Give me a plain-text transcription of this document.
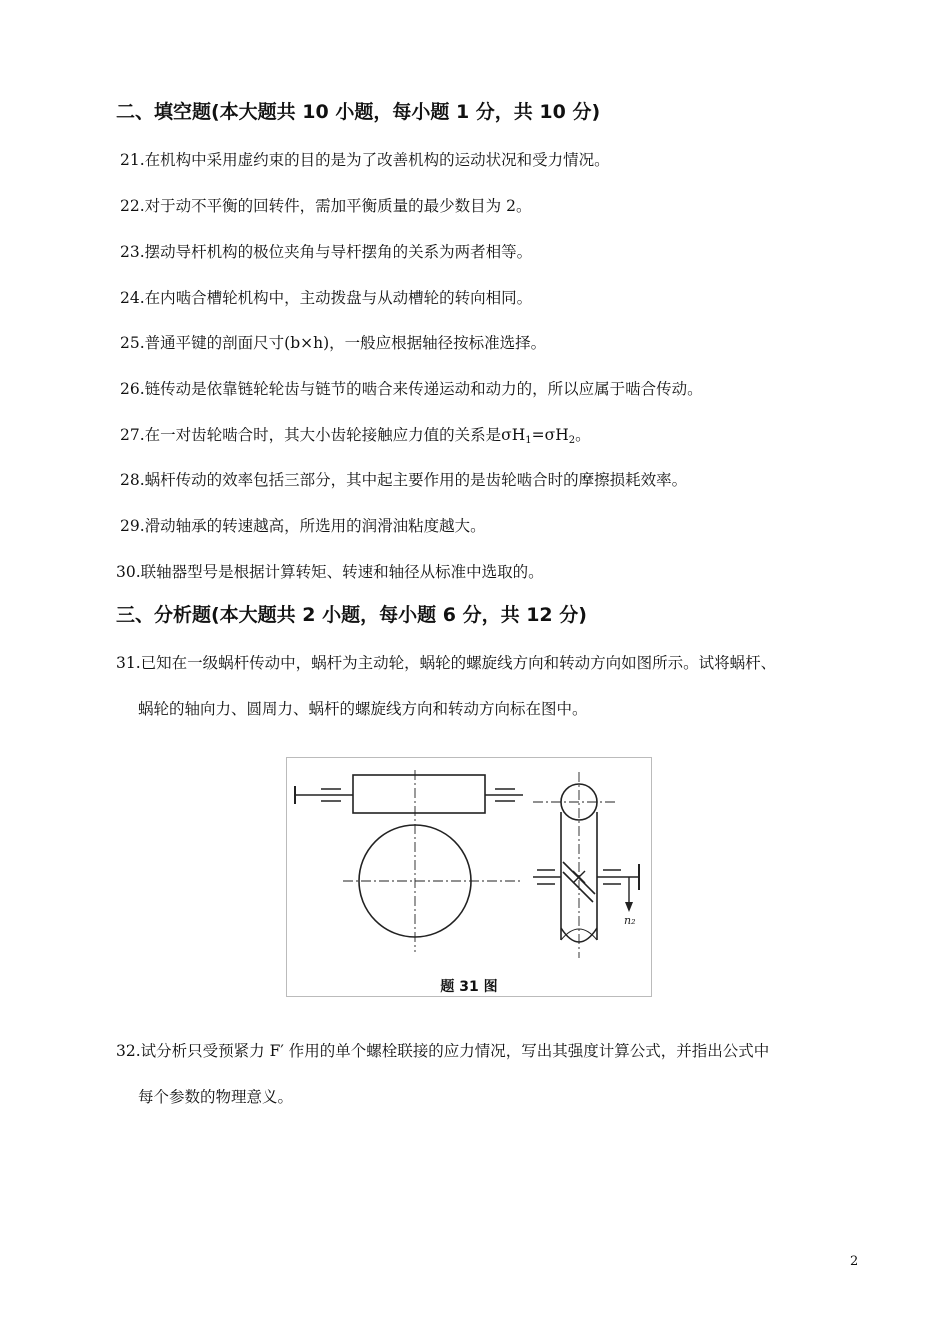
二、填空题(本大题共 10 小题，每小题 1 分，共 10 分)
21.在机构中采用虚约束的目的是为了改善机构的运动状况和受力情况。
22.对于动不平衡的回转件，需加平衡质量的最少数目为 2。
23.摆动导杆机构的极位夹角与导杆摆角的关系为两者相等。
24.在内啮合槽轮机构中，主动拨盘与从动槽轮的转向相同。
25.普通平键的剖面尺寸(b×h)，一般应根据轴径按标准选择。
26.链传动是依靠链轮轮齿与链节的啮合来传递运动和动力的，所以应属于啮合传动。
27.在一对齿轮啮合时，其大小齿轮接触应力值的关系是$\sigma H_1=\sigma H_2$。
28.蜗杆传动的效率包括三部分，其中起主要作用的是齿轮啮合时的摩擦损耗效率。
29.滑动轴承的转速越高，所选用的润滑油粘度越大。
30.联轴器型号是根据计算转矩、转速和轴径从标准中选取的。
三、分析题(本大题共 2 小题，每小题 6 分，共 12 分)
31.已知在一级蜗杆传动中，蜗杆为主动轮，蜗轮的螺旋线方向和转动方向如图所示。试将蜗杆、
蜗轮的轴向力、圆周力、蜗杆的螺旋线方向和转动方向标在图中。
n₂
题 31 图
32.试分析只受预紧力 F′ 作用的单个螺栓联接的应力情况，写出其强度计算公式，并指出公式中
每个参数的物理意义。
2
